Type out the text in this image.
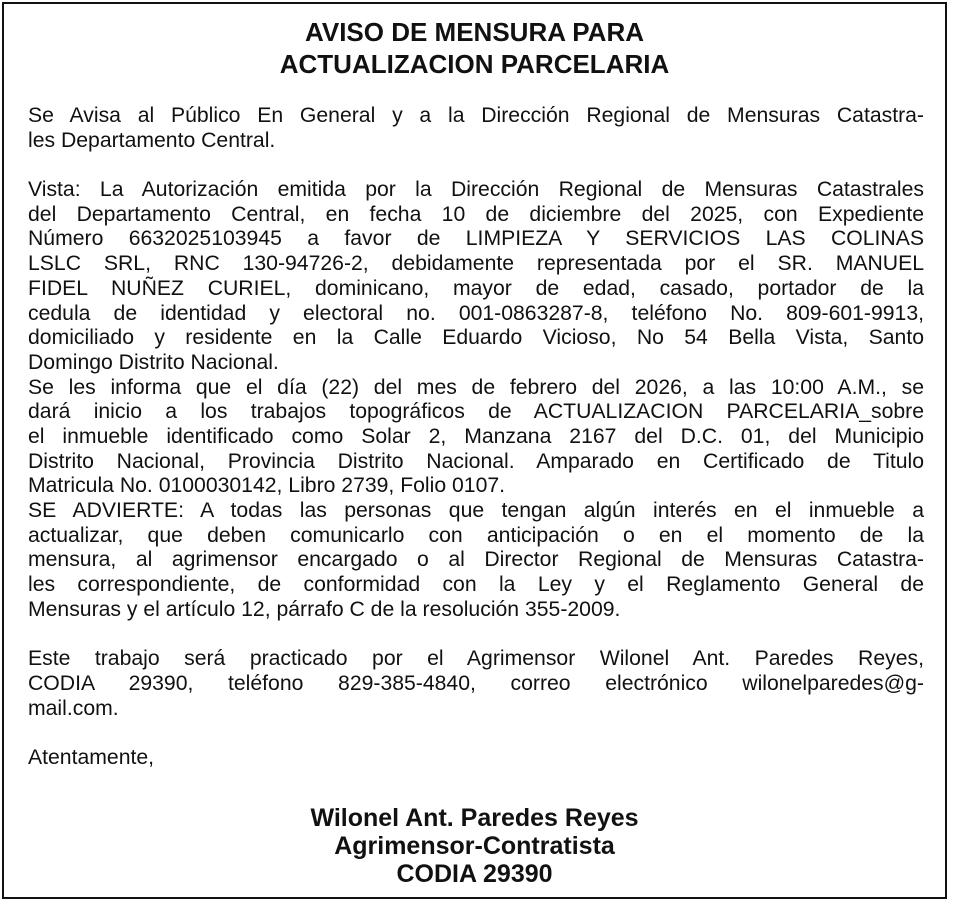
AVISO DE MENSURA PARA
ACTUALIZACION PARCELARIA
Se Avisa al Público En General y a la Dirección Regional de Mensuras Catastra-
les Departamento Central.
Vista: La Autorización emitida por la Dirección Regional de Mensuras Catastrales
del Departamento Central, en fecha 10 de diciembre del 2025, con Expediente
Número 6632025103945 a favor de LIMPIEZA Y SERVICIOS LAS COLINAS
LSLC SRL, RNC 130-94726-2, debidamente representada por el SR. MANUEL
FIDEL NUÑEZ CURIEL, dominicano, mayor de edad, casado, portador de la
cedula de identidad y electoral no. 001-0863287-8, teléfono No. 809-601-9913,
domiciliado y residente en la Calle Eduardo Vicioso, No 54 Bella Vista, Santo
Domingo Distrito Nacional.
Se les informa que el día (22) del mes de febrero del 2026, a las 10:00 A.M., se
dará inicio a los trabajos topográficos de ACTUALIZACION PARCELARIA_sobre
el inmueble identificado como Solar 2, Manzana 2167 del D.C. 01, del Municipio
Distrito Nacional, Provincia Distrito Nacional. Amparado en Certificado de Titulo
Matricula No. 0100030142, Libro 2739, Folio 0107.
SE ADVIERTE: A todas las personas que tengan algún interés en el inmueble a
actualizar, que deben comunicarlo con anticipación o en el momento de la
mensura, al agrimensor encargado o al Director Regional de Mensuras Catastra-
les correspondiente, de conformidad con la Ley y el Reglamento General de
Mensuras y el artículo 12, párrafo C de la resolución 355-2009.
Este trabajo será practicado por el Agrimensor Wilonel Ant. Paredes Reyes,
CODIA 29390, teléfono 829-385-4840, correo electrónico wilonelparedes@g-
mail.com.
Atentamente,
Wilonel Ant. Paredes Reyes
Agrimensor-Contratista
CODIA 29390
